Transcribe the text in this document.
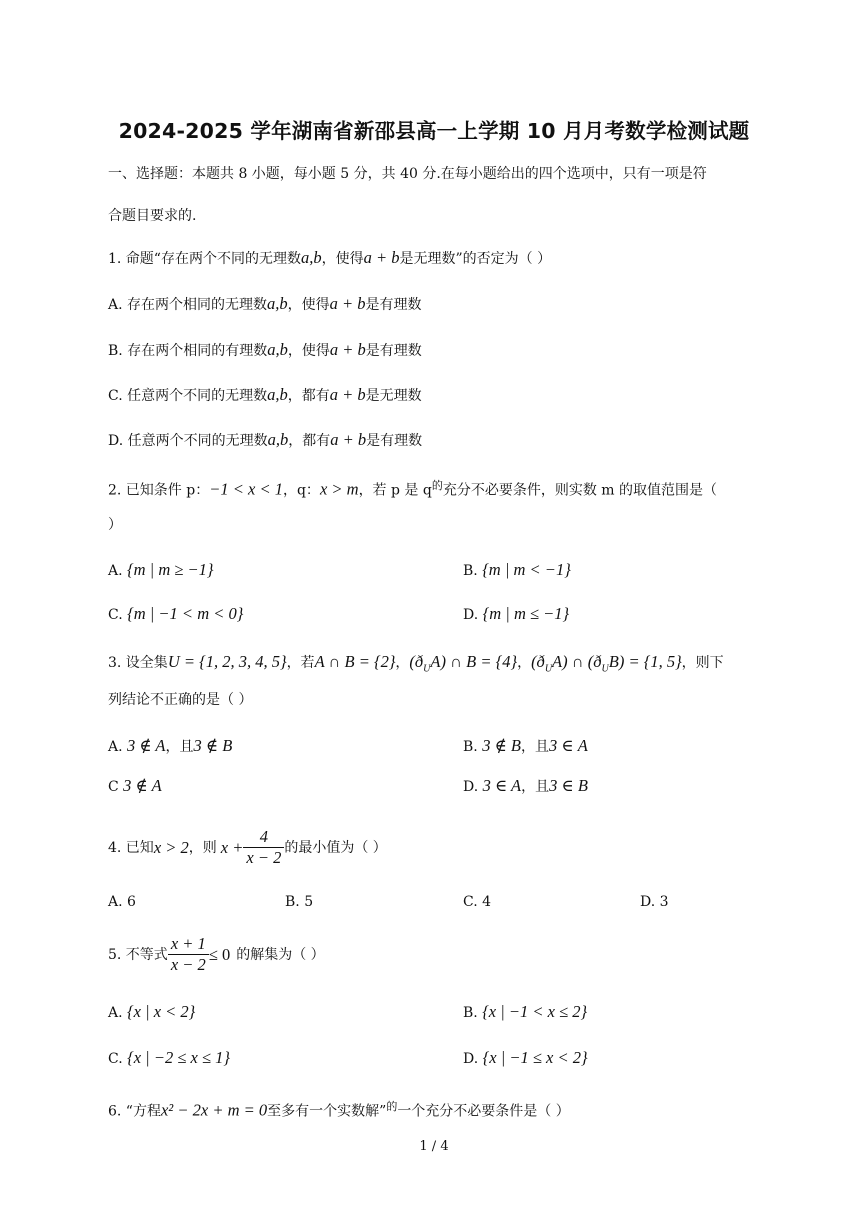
2024-2025 学年湖南省新邵县高一上学期 10 月月考数学检测试题
一、选择题：本题共 8 小题，每小题 5 分，共 40 分.在每小题给出的四个选项中，只有一项是符
合题目要求的.
1. 命题“存在两个不同的无理数a,b，使得a + b是无理数”的否定为（ ）
A. 存在两个相同的无理数a,b，使得a + b是有理数
B. 存在两个相同的有理数a,b，使得a + b是有理数
C. 任意两个不同的无理数a,b，都有a + b是无理数
D. 任意两个不同的无理数a,b，都有a + b是有理数
2. 已知条件 p：−1 < x < 1，q：x > m，若 p 是 $q^的$充分不必要条件，则实数 m 的取值范围是（
）
A. {m | m ≥ −1}	B. {m | m < −1}
C. {m | −1 < m < 0}	D. {m | m ≤ −1}
3. 设全集U = {1, 2, 3, 4, 5}，若A ∩ B = {2}，$(ð_UA)$ ∩ B = {4}，$(ð_UA)$ ∩ $(ð_UB) = \{1$, 5}，则下
列结论不正确的是（ ）
A. 3 ∉ A，且3 ∉ B	B. 3 ∉ B，且3 ∈ A
C 3 ∉ A	D. 3 ∈ A，且3 ∈ B
4. 已知 x > 2 ，则 $x + \frac{4}{x - 2}$ 的最小值为（ ）
A. 6	B. 5	C. 4	D. 3
5. 不等式 $\frac{x + 1}{x - 2} \le 0$ 的解集为（ ）
A. {x | x < 2}	B. {x | −1 < x ≤ 2}
C. {x | −2 ≤ x ≤ 1}	D. {x | −1 ≤ x < 2}
6. “方程x² − 2x + m = 0至多有一个实数解”$^的$一个充分不必要条件是（ ）
1 / 4
